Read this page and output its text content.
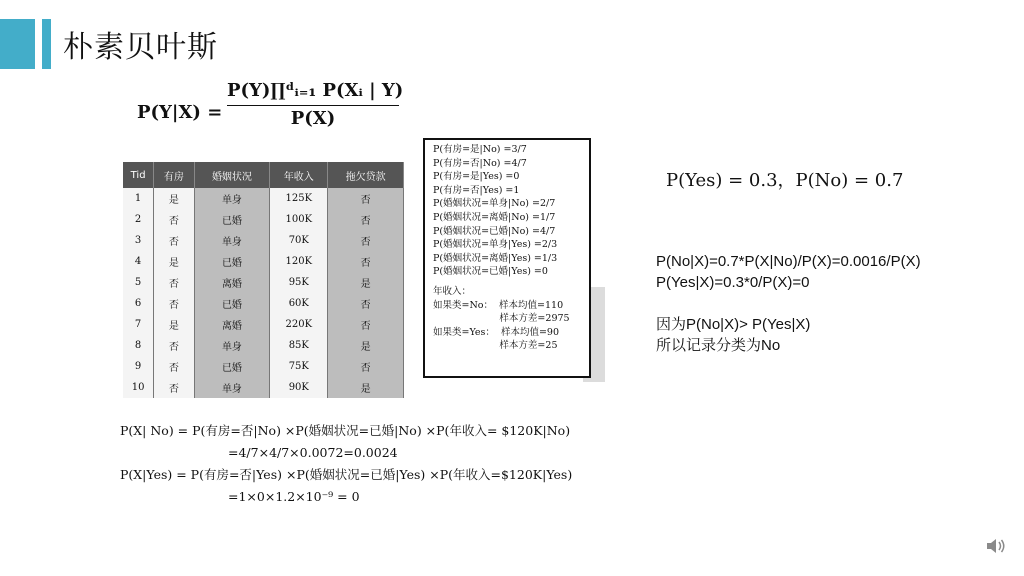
朴素贝叶斯
P(Y|X) =
P(Y)∏ᵈᵢ₌₁ P(Xᵢ | Y)
P(X)
Tid	有房	婚姻状况	年收入	拖欠贷款
1	是	单身	125K	否
2	否	已婚	100K	否
3	否	单身	70K	否
4	是	已婚	120K	否
5	否	离婚	95K	是
6	否	已婚	60K	否
7	是	离婚	220K	否
8	否	单身	85K	是
9	否	已婚	75K	否
10	否	单身	90K	是
P(有房=是|No) =3/7
P(有房=否|No) =4/7
P(有房=是|Yes) =0
P(有房=否|Yes) =1
P(婚姻状况=单身|No) =2/7
P(婚姻状况=离婚|No) =1/7
P(婚姻状况=已婚|No) =4/7
P(婚姻状况=单身|Yes) =2/3
P(婚姻状况=离婚|Yes) =1/3
P(婚姻状况=已婚|Yes) =0
年收入：
如果类=No：  样本均值=110
样本方差=2975
如果类=Yes：  样本均值=90
样本方差=25
P(Yes) = 0.3，P(No) = 0.7
P(No|X)=0.7*P(X|No)/P(X)=0.0016/P(X)
P(Yes|X)=0.3*0/P(X)=0
因为P(No|X)> P(Yes|X)
所以记录分类为No
P(X| No) = P(有房=否|No) ×P(婚姻状况=已婚|No) ×P(年收入= $120K|No)
=4/7×4/7×0.0072=0.0024
P(X|Yes) = P(有房=否|Yes) ×P(婚姻状况=已婚|Yes) ×P(年收入=$120K|Yes)
=1×0×1.2×10⁻⁹ = 0
